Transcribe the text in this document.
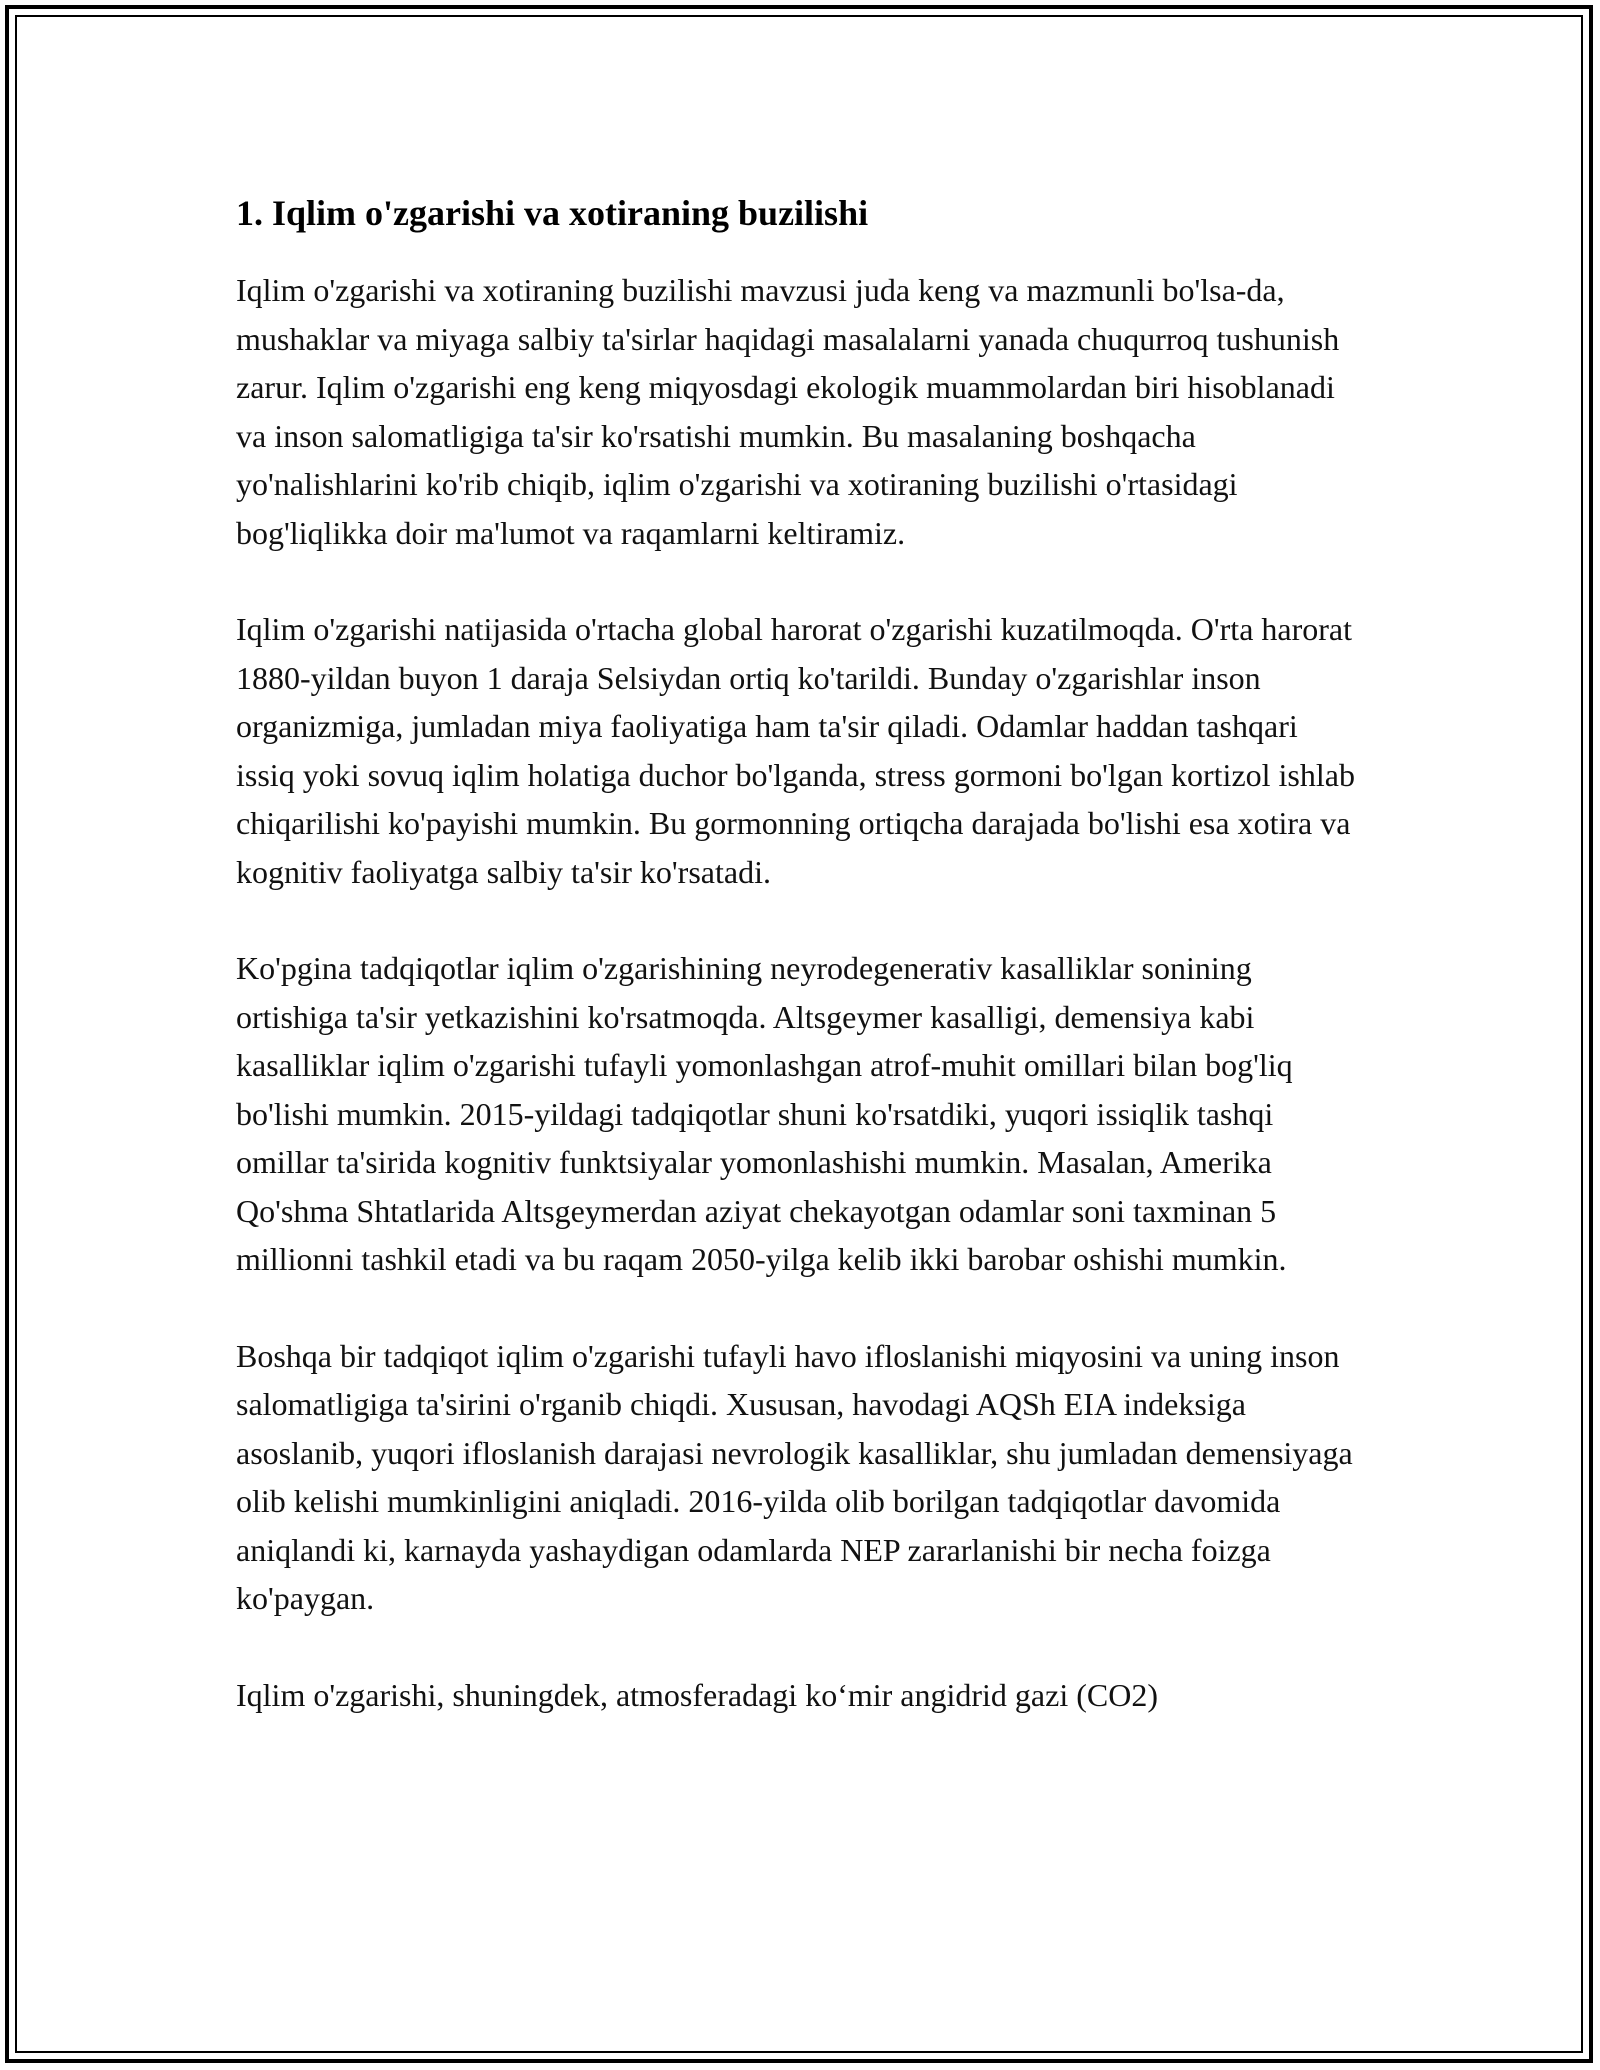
1. Iqlim o'zgarishi va xotiraning buzilishi

Iqlim o'zgarishi va xotiraning buzilishi mavzusi juda keng va mazmunli bo'lsa-da, mushaklar va miyaga salbiy ta'sirlar haqidagi masalalarni yanada chuqurroq tushunish zarur. Iqlim o'zgarishi eng keng miqyosdagi ekologik muammolardan biri hisoblanadi va inson salomatligiga ta'sir ko'rsatishi mumkin. Bu masalaning boshqacha yo'nalishlarini ko'rib chiqib, iqlim o'zgarishi va xotiraning buzilishi o'rtasidagi bog'liqlikka doir ma'lumot va raqamlarni keltiramiz.

Iqlim o'zgarishi natijasida o'rtacha global harorat o'zgarishi kuzatilmoqda. O'rta harorat 1880-yildan buyon 1 daraja Selsiydan ortiq ko'tarildi. Bunday o'zgarishlar inson organizmiga, jumladan miya faoliyatiga ham ta'sir qiladi. Odamlar haddan tashqari issiq yoki sovuq iqlim holatiga duchor bo'lganda, stress gormoni bo'lgan kortizol ishlab chiqarilishi ko'payishi mumkin. Bu gormonning ortiqcha darajada bo'lishi esa xotira va kognitiv faoliyatga salbiy ta'sir ko'rsatadi.

Ko'pgina tadqiqotlar iqlim o'zgarishining neyrodegenerativ kasalliklar sonining ortishiga ta'sir yetkazishini ko'rsatmoqda. Altsgeymer kasalligi, demensiya kabi kasalliklar iqlim o'zgarishi tufayli yomonlashgan atrof-muhit omillari bilan bog'liq bo'lishi mumkin. 2015-yildagi tadqiqotlar shuni ko'rsatdiki, yuqori issiqlik tashqi omillar ta'sirida kognitiv funktsiyalar yomonlashishi mumkin. Masalan, Amerika Qo'shma Shtatlarida Altsgeymerdan aziyat chekayotgan odamlar soni taxminan 5 millionni tashkil etadi va bu raqam 2050-yilga kelib ikki barobar oshishi mumkin.

Boshqa bir tadqiqot iqlim o'zgarishi tufayli havo ifloslanishi miqyosini va uning inson salomatligiga ta'sirini o'rganib chiqdi. Xususan, havodagi AQSh EIA indeksiga asoslanib, yuqori ifloslanish darajasi nevrologik kasalliklar, shu jumladan demensiyaga olib kelishi mumkinligini aniqladi. 2016-yilda olib borilgan tadqiqotlar davomida aniqlandi ki, karnayda yashaydigan odamlarda NEP zararlanishi bir necha foizga ko'paygan.

Iqlim o'zgarishi, shuningdek, atmosferadagi ko‘mir angidrid gazi (CO2)
